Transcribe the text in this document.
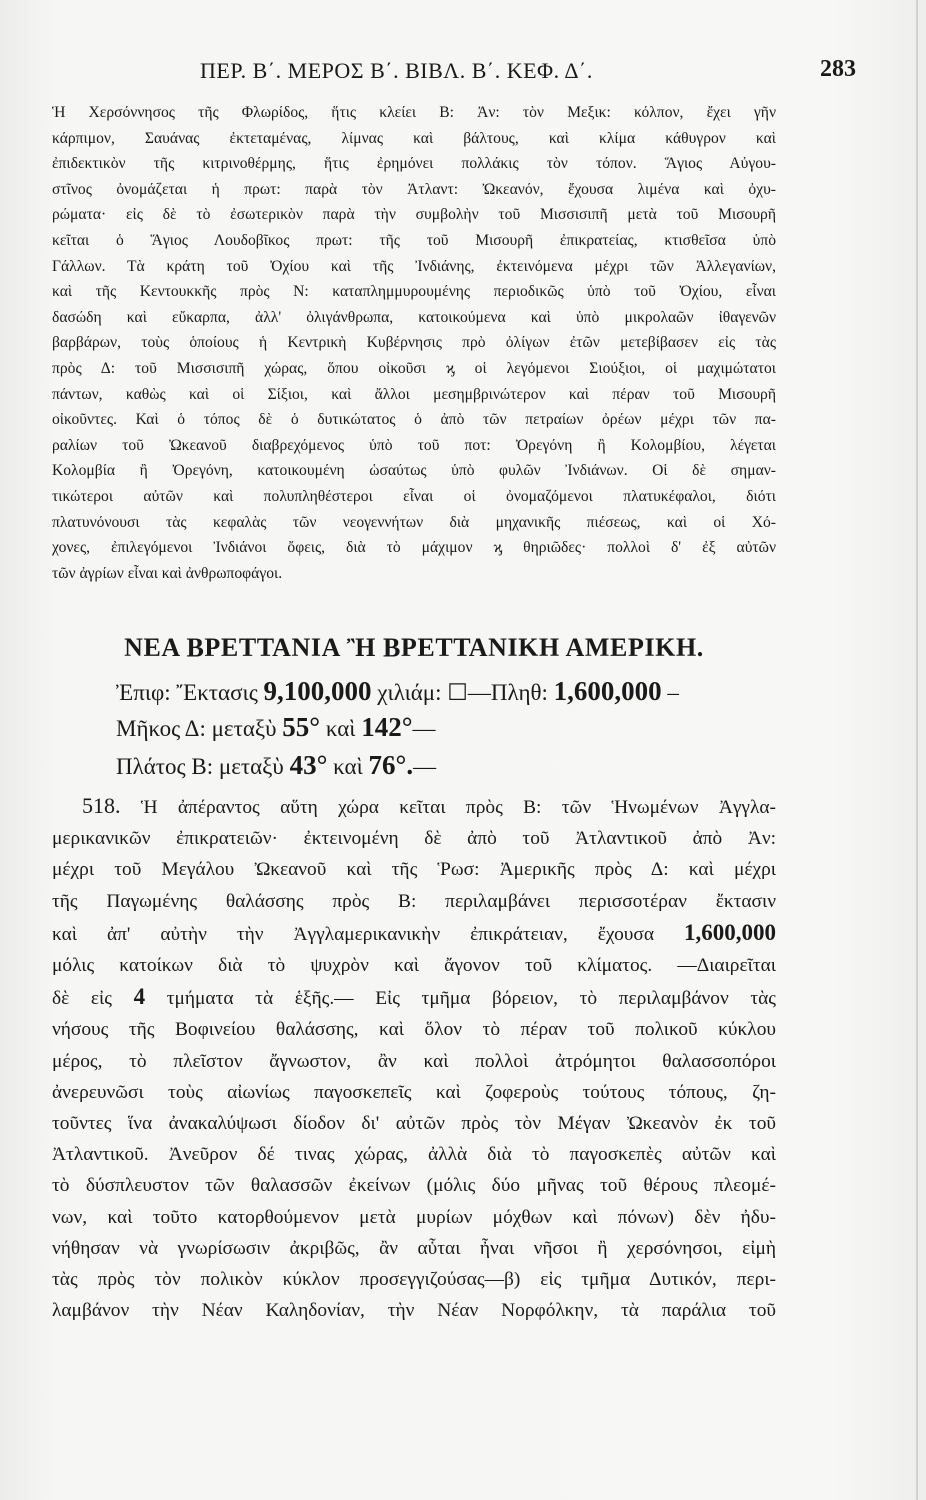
ΠΕΡ. Β΄. ΜΕΡΟΣ Β΄. ΒΙΒΛ. Β΄. ΚΕΦ. Δ΄.	283
Ἡ Χερσόννησος τῆς Φλωρίδος, ἥτις κλείει Β: Ἀν: τὸν Μεξικ: κόλπον, ἔχει γῆν
κάρπιμον, Σαυάνας ἐκτεταμένας, λίμνας καὶ βάλτους, καὶ κλίμα κάθυγρον καὶ
ἐπιδεκτικὸν τῆς κιτρινοθέρμης, ἥτις ἐρημόνει πολλάκις τὸν τόπον. Ἅγιος Αὐγου-
στῖνος ὀνομάζεται ἡ πρωτ: παρὰ τὸν Ἀτλαντ: Ὠκεανόν, ἔχουσα λιμένα καὶ ὀχυ-
ρώματα· εἰς δὲ τὸ ἐσωτερικὸν παρὰ τὴν συμβολὴν τοῦ Μισσισιπῆ μετὰ τοῦ Μισουρῆ
κεῖται ὁ Ἅγιος Λουδοβῖκος πρωτ: τῆς τοῦ Μισουρῆ ἐπικρατείας, κτισθεῖσα ὑπὸ
Γάλλων. Τὰ κράτη τοῦ Ὀχίου καὶ τῆς Ἰνδιάνης, ἐκτεινόμενα μέχρι τῶν Ἀλλεγανίων,
καὶ τῆς Κεντουκκῆς πρὸς Ν: καταπλημμυρουμένης περιοδικῶς ὑπὸ τοῦ Ὀχίου, εἶναι
δασώδη καὶ εὔκαρπα, ἀλλ' ὀλιγάνθρωπα, κατοικούμενα καὶ ὑπὸ μικρολαῶν ἰθαγενῶν
βαρβάρων, τοὺς ὁποίους ἡ Κεντρικὴ Κυβέρνησις πρὸ ὀλίγων ἐτῶν μετεβίβασεν εἰς τὰς
πρὸς Δ: τοῦ Μισσισιπῆ χώρας, ὅπου οἰκοῦσι ϗ οἱ λεγόμενοι Σιούξιοι, οἱ μαχιμώτατοι
πάντων, καθὼς καὶ οἱ Σίξιοι, καὶ ἄλλοι μεσημβρινώτερον καὶ πέραν τοῦ Μισουρῆ
οἰκοῦντες. Καὶ ὁ τόπος δὲ ὁ δυτικώτατος ὁ ἀπὸ τῶν πετραίων ὀρέων μέχρι τῶν πα-
ραλίων τοῦ Ὠκεανοῦ διαβρεχόμενος ὑπὸ τοῦ ποτ: Ὀρεγόνη ἢ Κολομβίου, λέγεται
Κολομβία ἢ Ὀρεγόνη, κατοικουμένη ὡσαύτως ὑπὸ φυλῶν Ἰνδιάνων. Οἱ δὲ σημαν-
τικώτεροι αὐτῶν καὶ πολυπληθέστεροι εἶναι οἱ ὀνομαζόμενοι πλατυκέφαλοι, διότι
πλατυνόνουσι τὰς κεφαλὰς τῶν νεογεννήτων διὰ μηχανικῆς πιέσεως, καὶ οἱ Χό-
χονες, ἐπιλεγόμενοι Ἰνδιάνοι ὄφεις, διὰ τὸ μάχιμον ϗ θηριῶδες· πολλοὶ δ' ἐξ αὐτῶν
τῶν ἀγρίων εἶναι καὶ ἀνθρωποφάγοι.
ΝΕΑ ΒΡΕΤΤΑΝΙΑ Ἢ ΒΡΕΤΤΑΝΙΚΗ ΑΜΕΡΙΚΗ.
Ἐπιφ: Ἔκτασις 9,100,000 χιλιάμ: ☐—Πληθ: 1,600,000 –
Μῆκος Δ: μεταξὺ 55° καὶ 142°—
Πλάτος Β: μεταξὺ 43° καὶ 76°.—
518. Ἡ ἀπέραντος αὕτη χώρα κεῖται πρὸς Β: τῶν Ἡνωμένων Ἀγγλα-
μερικανικῶν ἐπικρατειῶν· ἐκτεινομένη δὲ ἀπὸ τοῦ Ἀτλαντικοῦ ἀπὸ Ἀν:
μέχρι τοῦ Μεγάλου Ὠκεανοῦ καὶ τῆς Ῥωσ: Ἀμερικῆς πρὸς Δ: καὶ μέχρι
τῆς Παγωμένης θαλάσσης πρὸς Β: περιλαμβάνει περισσοτέραν ἔκτασιν
καὶ ἀπ' αὐτὴν τὴν Ἀγγλαμερικανικὴν ἐπικράτειαν, ἔχουσα 1,600,000
μόλις κατοίκων διὰ τὸ ψυχρὸν καὶ ἄγονον τοῦ κλίματος. —Διαιρεῖται
δὲ εἰς 4 τμήματα τὰ ἑξῆς.— Εἰς τμῆμα βόρειον, τὸ περιλαμβάνον τὰς
νήσους τῆς Βοφινείου θαλάσσης, καὶ ὅλον τὸ πέραν τοῦ πολικοῦ κύκλου
μέρος, τὸ πλεῖστον ἄγνωστον, ἂν καὶ πολλοὶ ἀτρόμητοι θαλασσοπόροι
ἀνερευνῶσι τοὺς αἰωνίως παγοσκεπεῖς καὶ ζοφεροὺς τούτους τόπους, ζη-
τοῦντες ἵνα ἀνακαλύψωσι δίοδον δι' αὐτῶν πρὸς τὸν Μέγαν Ὠκεανὸν ἐκ τοῦ
Ἀτλαντικοῦ. Ἀνεῦρον δέ τινας χώρας, ἀλλὰ διὰ τὸ παγοσκεπὲς αὐτῶν καὶ
τὸ δύσπλευστον τῶν θαλασσῶν ἐκείνων (μόλις δύο μῆνας τοῦ θέρους πλεομέ-
νων, καὶ τοῦτο κατορθούμενον μετὰ μυρίων μόχθων καὶ πόνων) δὲν ἠδυ-
νήθησαν νὰ γνωρίσωσιν ἀκριβῶς, ἂν αὗται ἦναι νῆσοι ἢ χερσόνησοι, εἰμὴ
τὰς πρὸς τὸν πολικὸν κύκλον προσεγγιζούσας—β) εἰς τμῆμα Δυτικόν, περι-
λαμβάνον τὴν Νέαν Καληδονίαν, τὴν Νέαν Νορφόλκην, τὰ παράλια τοῦ
